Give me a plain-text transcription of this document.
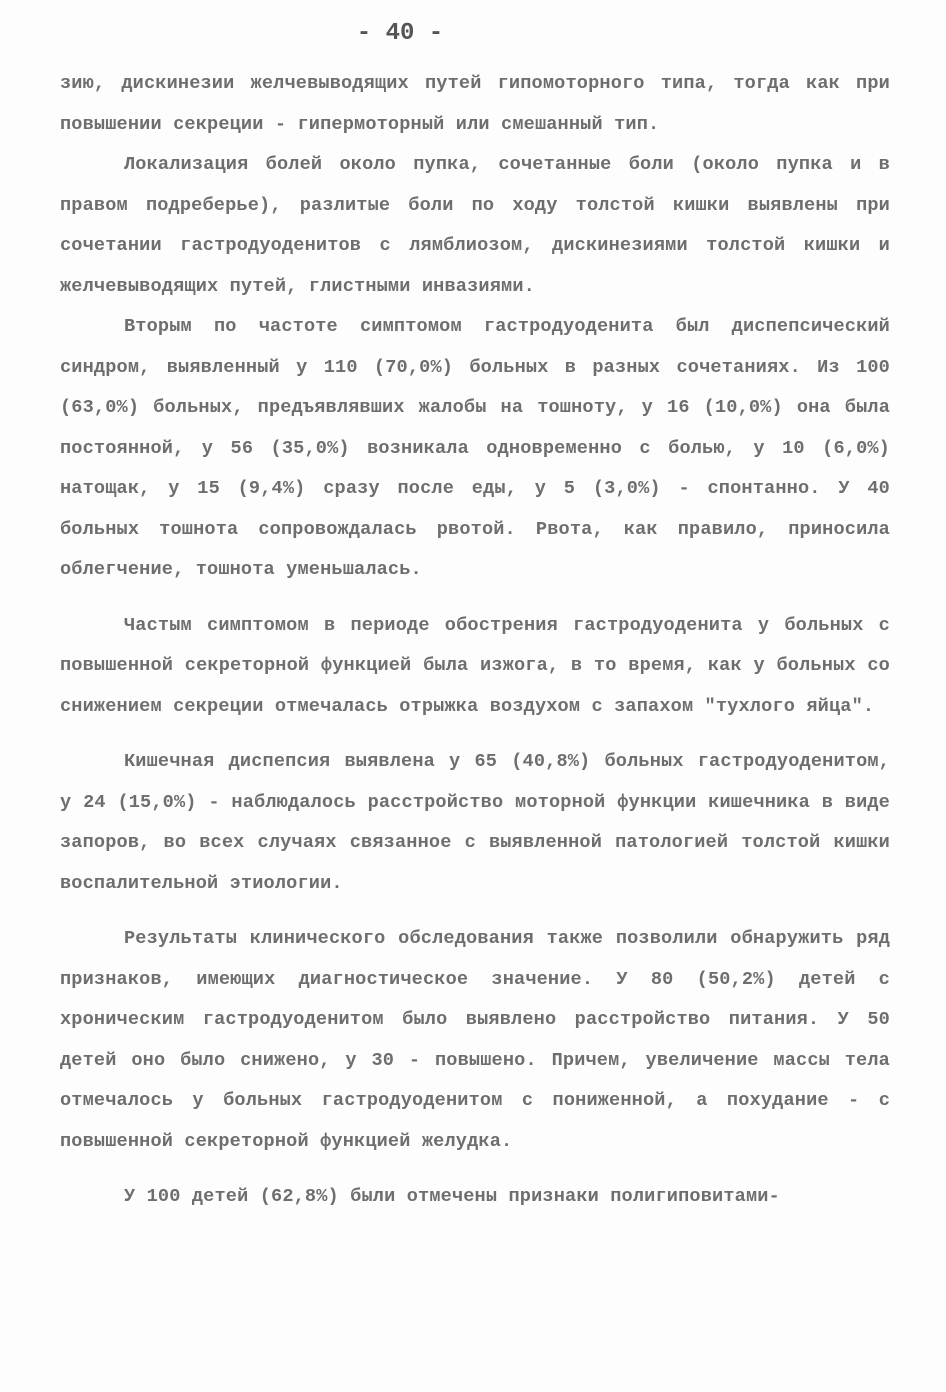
- 40 -

зию, дискинезии желчевыводящих путей гипомоторного типа, тогда как при повышении секреции - гипермоторный или смешанный тип.

Локализация болей около пупка, сочетанные боли (около пупка и в правом подреберье), разлитые боли по ходу толстой кишки выявлены при сочетании гастродуоденитов с лямблиозом, дискинезиями толстой кишки и желчевыводящих путей, глистными инвазиями.

Вторым по частоте симптомом гастродуоденита был диспепсический синдром, выявленный у 110 (70,0%) больных в разных сочетаниях. Из 100 (63,0%) больных, предъявлявших жалобы на тошноту, у 16 (10,0%) она была постоянной, у 56 (35,0%) возникала одновременно с болью, у 10 (6,0%) натощак, у 15 (9,4%) сразу после еды, у 5 (3,0%) - спонтанно. У 40 больных тошнота сопровождалась рвотой. Рвота, как правило, приносила облегчение, тошнота уменьшалась.

Частым симптомом в периоде обострения гастродуоденита у больных с повышенной секреторной функцией была изжога, в то время, как у больных со снижением секреции отмечалась отрыжка воздухом с запахом "тухлого яйца".

Кишечная диспепсия выявлена у 65 (40,8%) больных гастродуоденитом, у 24 (15,0%) - наблюдалось расстройство моторной функции кишечника в виде запоров, во всех случаях связанное с выявленной патологией толстой кишки воспалительной этиологии.

Результаты клинического обследования также позволили обнаружить ряд признаков, имеющих диагностическое значение. У 80 (50,2%) детей с хроническим гастродуоденитом было выявлено расстройство питания. У 50 детей оно было снижено, у 30 - повышено. Причем, увеличение массы тела отмечалось у больных гастродуоденитом с пониженной, а похудание - с повышенной секреторной функцией желудка.

У 100 детей (62,8%) были отмечены признаки полигиповитами-
